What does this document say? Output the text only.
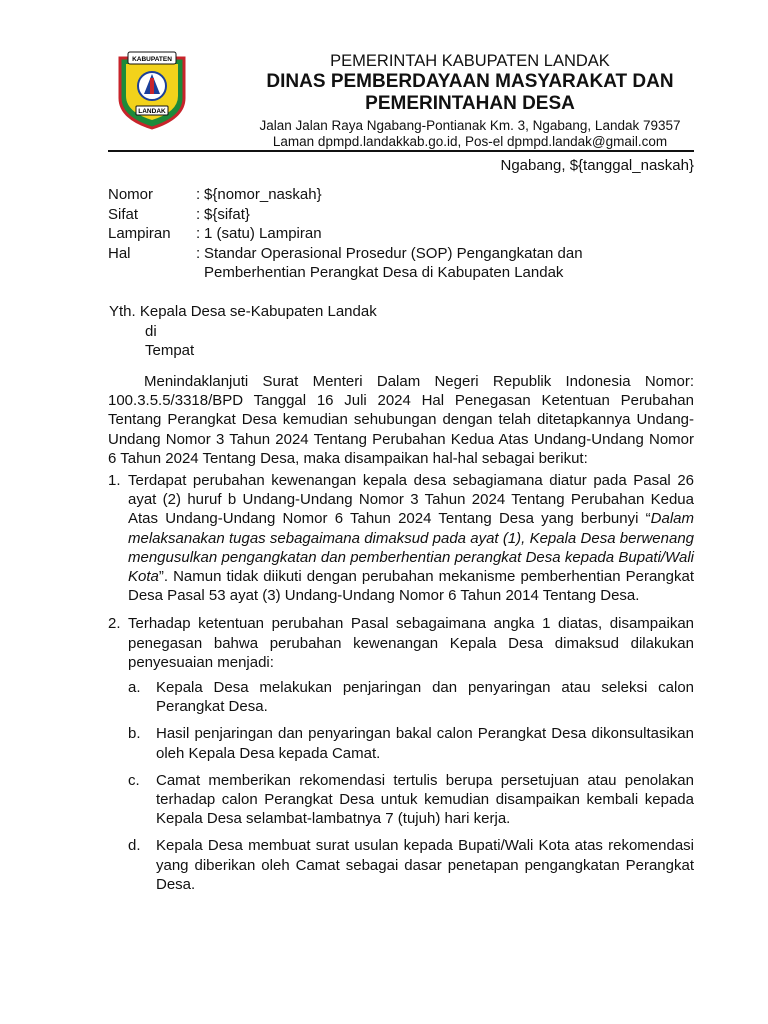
KABUPATEN
LANDAK
PEMERINTAH KABUPATEN LANDAK
DINAS PEMBERDAYAAN MASYARAKAT DAN
PEMERINTAHAN DESA
Jalan Jalan Raya Ngabang-Pontianak Km. 3, Ngabang, Landak 79357
Laman dpmpd.landakkab.go.id, Pos-el dpmpd.landak@gmail.com
Ngabang, ${tanggal_naskah}
Nomor	: ${nomor_naskah}
Sifat	: ${sifat}
Lampiran	: 1 (satu) Lampiran
Hal	: Standar Operasional Prosedur (SOP) Pengangkatan dan Pemberhentian Perangkat Desa di Kabupaten Landak
Yth. Kepala Desa se-Kabupaten Landak
di
Tempat

Menindaklanjuti Surat Menteri Dalam Negeri Republik Indonesia Nomor: 100.3.5.5/3318/BPD Tanggal 16 Juli 2024 Hal Penegasan Ketentuan Perubahan Tentang Perangkat Desa kemudian sehubungan dengan telah ditetapkannya Undang-Undang Nomor 3 Tahun 2024 Tentang Perubahan Kedua Atas Undang-Undang Nomor 6 Tahun 2024 Tentang Desa, maka disampaikan hal-hal sebagai berikut:

1. Terdapat perubahan kewenangan kepala desa sebagiamana diatur pada Pasal 26 ayat (2) huruf b Undang-Undang Nomor 3 Tahun 2024 Tentang Perubahan Kedua Atas Undang-Undang Nomor 6 Tahun 2024 Tentang Desa yang berbunyi “Dalam melaksanakan tugas sebagaimana dimaksud pada ayat (1), Kepala Desa berwenang mengusulkan pengangkatan dan pemberhentian perangkat Desa kepada Bupati/Wali Kota”. Namun tidak diikuti dengan perubahan mekanisme pemberhentian Perangkat Desa Pasal 53 ayat (3) Undang-Undang Nomor 6 Tahun 2014 Tentang Desa.
2. Terhadap ketentuan perubahan Pasal sebagaimana angka 1 diatas, disampaikan penegasan bahwa perubahan kewenangan Kepala Desa dimaksud dilakukan penyesuaian menjadi:
a.	Kepala Desa melakukan penjaringan dan penyaringan atau seleksi calon Perangkat Desa.
b.	Hasil penjaringan dan penyaringan bakal calon Perangkat Desa dikonsultasikan oleh Kepala Desa kepada Camat.
c.	Camat memberikan rekomendasi tertulis berupa persetujuan atau penolakan terhadap calon Perangkat Desa untuk kemudian disampaikan kembali kepada Kepala Desa selambat-lambatnya 7 (tujuh) hari kerja.
d.	Kepala Desa membuat surat usulan kepada Bupati/Wali Kota atas rekomendasi yang diberikan oleh Camat sebagai dasar penetapan pengangkatan Perangkat Desa.
